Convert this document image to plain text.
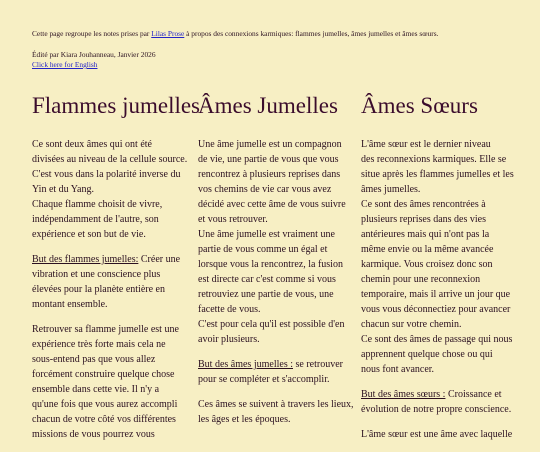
Cette page regroupe les notes prises par Lilas Prose à propos des connexions karmiques: flammes jumelles, âmes jumelles et âmes sœurs.

Édité par Kiara Jouhanneau, Janvier 2026

Click here for English

Flammes jumelles

Ce sont deux âmes qui ont été
divisées au niveau de la cellule source.
C'est vous dans la polarité inverse du
Yin et du Yang.
Chaque flamme choisit de vivre,
indépendamment de l'autre, son
expérience et son but de vie.

But des flammes jumelles: Créer une
vibration et une conscience plus
élevées pour la planète entière en
montant ensemble.

Retrouver sa flamme jumelle est une
expérience très forte mais cela ne
sous-entend pas que vous allez
forcément construire quelque chose
ensemble dans cette vie. Il n'y a
qu'une fois que vous aurez accompli
chacun de votre côté vos différentes
missions de vous pourrez vous

Âmes Jumelles

Une âme jumelle est un compagnon
de vie, une partie de vous que vous
rencontrez à plusieurs reprises dans
vos chemins de vie car vous avez
décidé avec cette âme de vous suivre
et vous retrouver.
Une âme jumelle est vraiment une
partie de vous comme un égal et
lorsque vous la rencontrez, la fusion
est directe car c'est comme si vous
retrouviez une partie de vous, une
facette de vous.
C'est pour cela qu'il est possible d'en
avoir plusieurs.

But des âmes jumelles : se retrouver
pour se compléter et s'accomplir.

Ces âmes se suivent à travers les lieux,
les âges et les époques.

Âmes Sœurs

L'âme sœur est le dernier niveau
des reconnexions karmiques. Elle se
situe après les flammes jumelles et les
âmes jumelles.
Ce sont des âmes rencontrées à
plusieurs reprises dans des vies
antérieures mais qui n'ont pas la
même envie ou la même avancée
karmique. Vous croisez donc son
chemin pour une reconnexion
temporaire, mais il arrive un jour que
vous vous déconnectiez pour avancer
chacun sur votre chemin.
Ce sont des âmes de passage qui nous
apprennent quelque chose ou qui
nous font avancer.

But des âmes sœurs : Croissance et
évolution de notre propre conscience.

L'âme sœur est une âme avec laquelle
